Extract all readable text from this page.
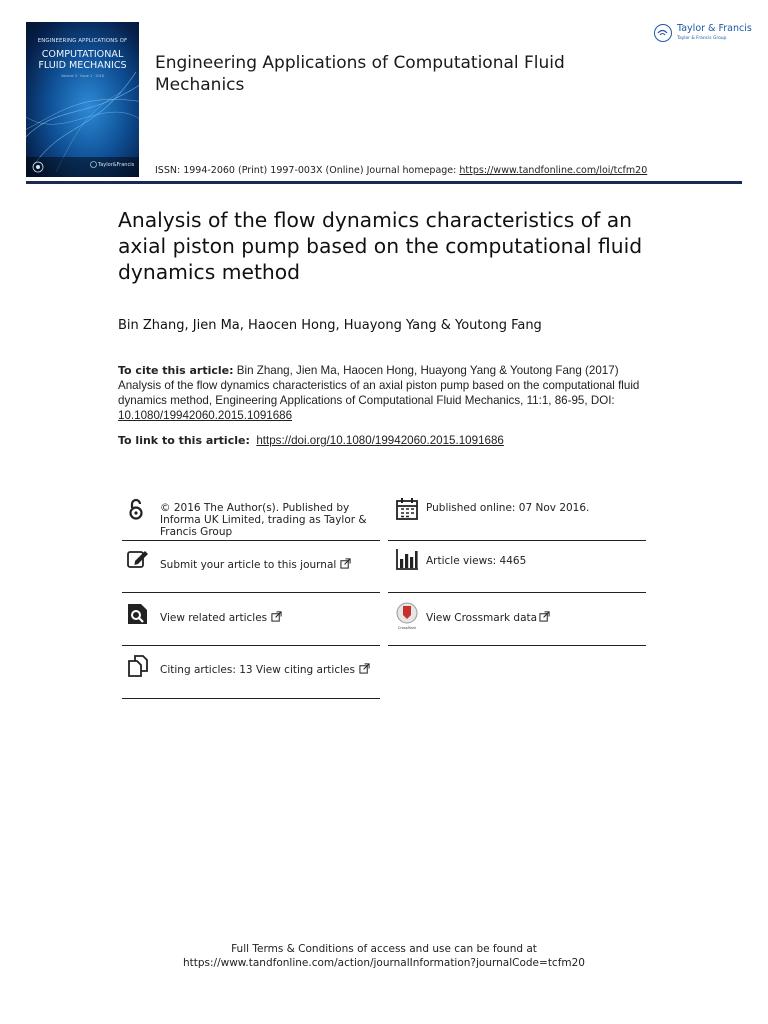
ENGINEERING APPLICATIONS OF
COMPUTATIONAL
FLUID MECHANICS
Volume 3 · Issue 1 · 2016
Taylor&Francis
Engineering Applications of Computational Fluid Mechanics
ISSN: 1994-2060 (Print) 1997-003X (Online) Journal homepage: https://www.tandfonline.com/loi/tcfm20
Taylor & Francis
Taylor & Francis Group
Analysis of the flow dynamics characteristics of an axial piston pump based on the computational fluid dynamics method
Bin Zhang, Jien Ma, Haocen Hong, Huayong Yang & Youtong Fang
To cite this article: Bin Zhang, Jien Ma, Haocen Hong, Huayong Yang & Youtong Fang (2017) Analysis of the flow dynamics characteristics of an axial piston pump based on the computational fluid dynamics method, Engineering Applications of Computational Fluid Mechanics, 11:1, 86-95, DOI: 10.1080/19942060.2015.1091686
To link to this article: https://doi.org/10.1080/19942060.2015.1091686
© 2016 The Author(s). Published by Informa UK Limited, trading as Taylor & Francis Group
Submit your article to this journal
View related articles
Citing articles: 13 View citing articles
Published online: 07 Nov 2016.
Article views: 4465
CrossMark
View Crossmark data
Full Terms & Conditions of access and use can be found at
https://www.tandfonline.com/action/journalInformation?journalCode=tcfm20
